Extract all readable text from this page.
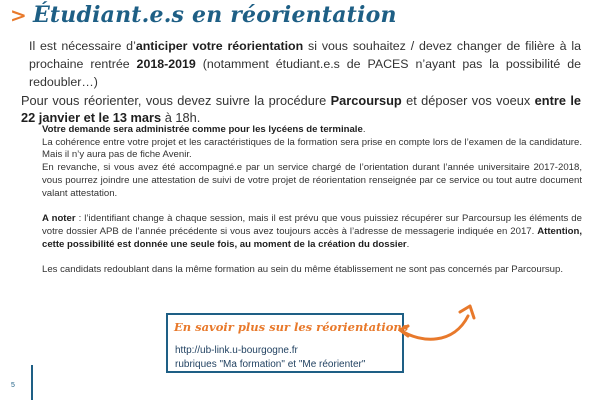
> Étudiant.e.s en réorientation
Il est nécessaire d’anticiper votre réorientation si vous souhaitez / devez changer de filière à la prochaine rentrée 2018-2019 (notamment étudiant.e.s de PACES n’ayant pas la possibilité de redoubler…)
Pour vous réorienter, vous devez suivre la procédure Parcoursup et déposer vos voeux entre le 22 janvier et le 13 mars à 18h.

Votre demande sera administrée comme pour les lycéens de terminale.

La cohérence entre votre projet et les caractéristiques de la formation sera prise en compte lors de l’examen de la candidature. Mais il n’y aura pas de fiche Avenir.

En revanche, si vous avez été accompagné.e par un service chargé de l’orientation durant l’année universitaire 2017-2018, vous pourrez joindre une attestation de suivi de votre projet de réorientation renseignée par ce service ou tout autre document valant attestation.

A noter : l’identifiant change à chaque session, mais il est prévu que vous puissiez récupérer sur Parcoursup les éléments de votre dossier APB de l’année précédente si vous avez toujours accès à l’adresse de messagerie indiquée en 2017. Attention, cette possibilité est donnée une seule fois, au moment de la création du dossier.

Les candidats redoublant dans la même formation au sein du même établissement ne sont pas concernés par Parcoursup.

En savoir plus sur les réorientations
http://ub-link.u-bourgogne.fr
rubriques "Ma formation" et "Me réorienter"
5
